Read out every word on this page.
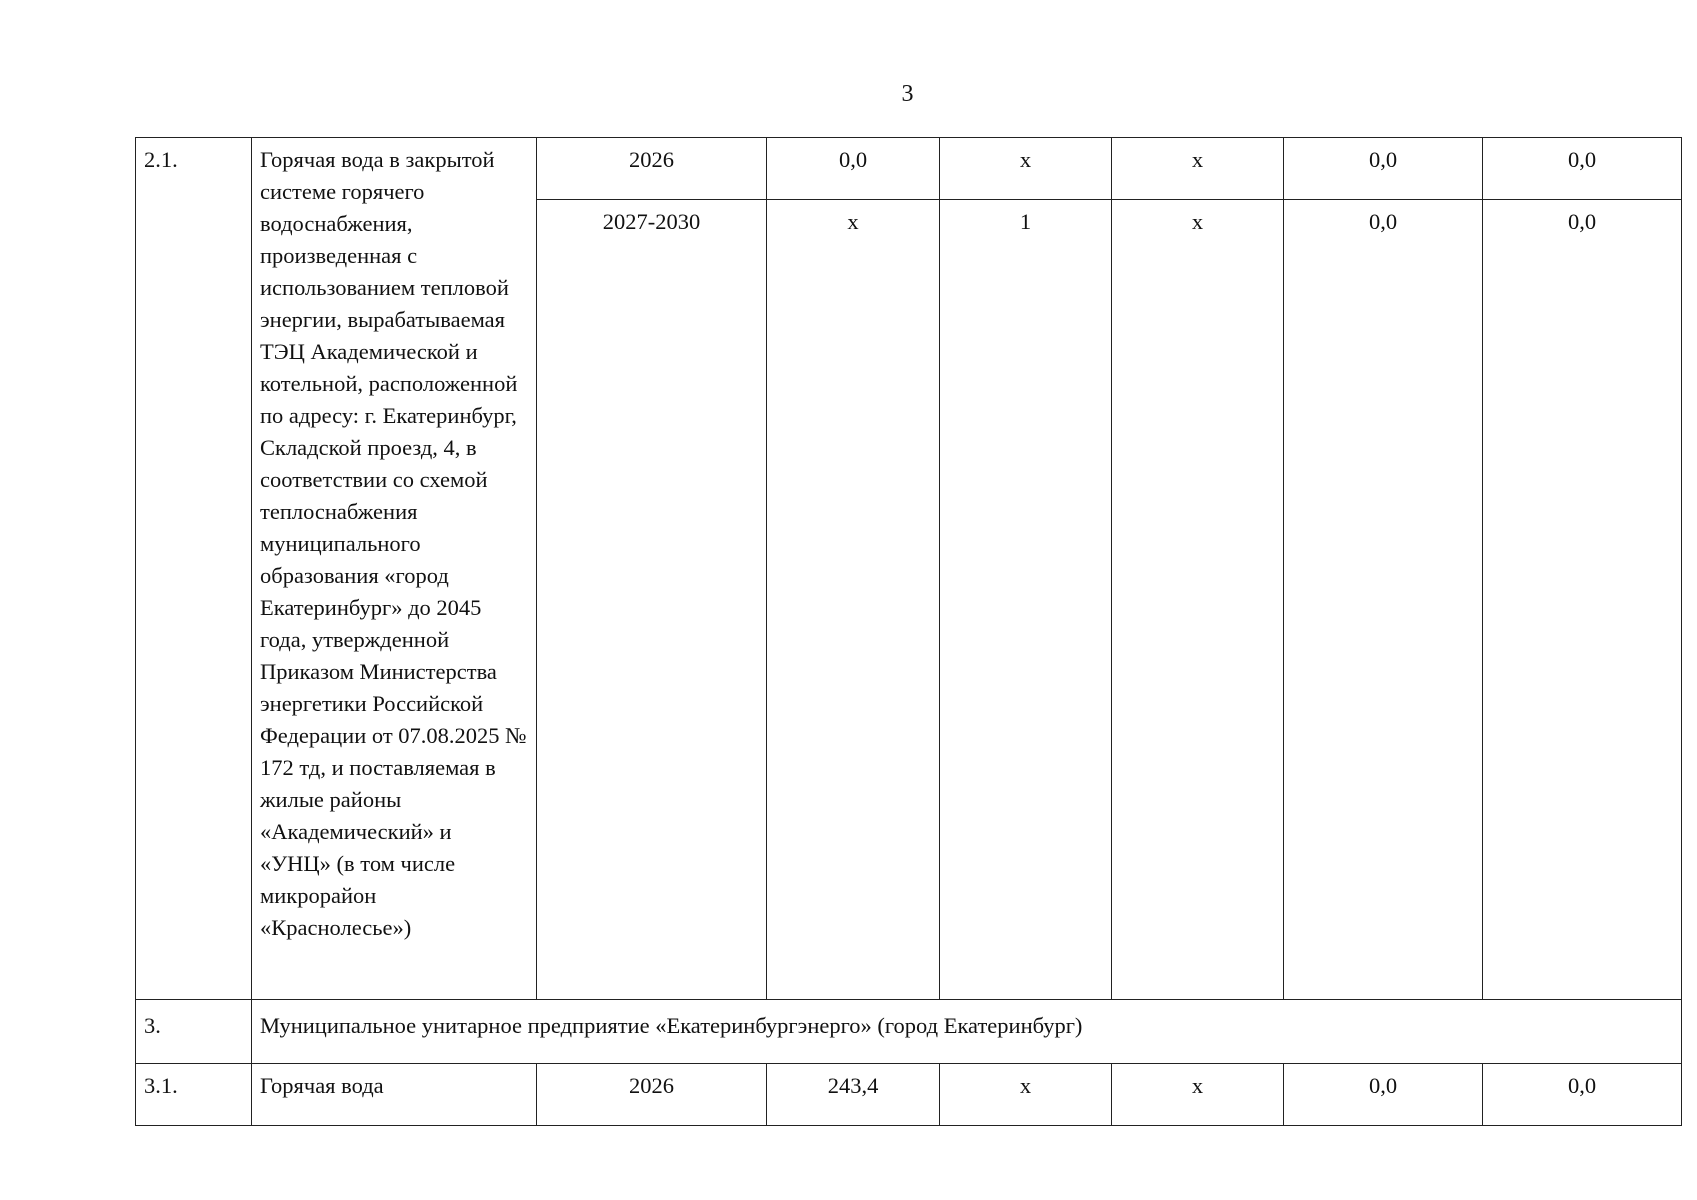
3
2.1.	Горячая вода в закрытой системе горячего водоснабжения, произведенная с использованием тепловой энергии, вырабатываемая ТЭЦ Академической и котельной, расположенной по адресу: г. Екатеринбург, Складской проезд, 4, в соответствии со схемой теплоснабжения муниципального образования «город Екатеринбург» до 2045 года, утвержденной Приказом Министерства энергетики Российской Федерации от 07.08.2025 № 172 тд, и поставляемая в жилые районы «Академический» и «УНЦ» (в том числе микрорайон «Краснолесье»)	2026	0,0	х	х	0,0	0,0
		2027-2030	х	1	х	0,0	0,0
3.	Муниципальное унитарное предприятие «Екатеринбургэнерго» (город Екатеринбург)						
3.1.	Горячая вода	2026	243,4	х	х	0,0	0,0
